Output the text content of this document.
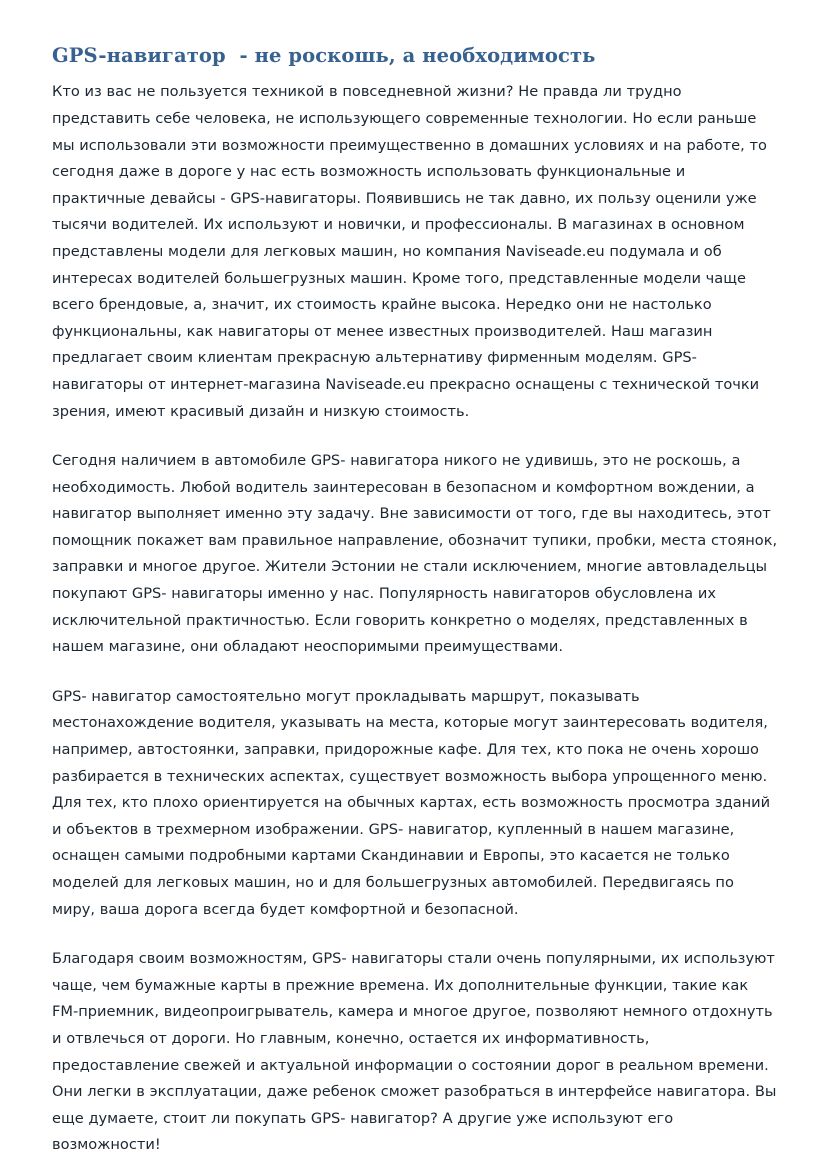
GPS-навигатор  - не роскошь, а необходимость

Кто из вас не пользуется техникой в повседневной жизни? Не правда ли трудно представить себе человека, не использующего современные технологии. Но если раньше мы использовали эти возможности преимущественно в домашних условиях и на работе, то сегодня даже в дороге у нас есть возможность использовать функциональные и практичные девайсы - GPS-навигаторы. Появившись не так давно, их пользу оценили уже тысячи водителей. Их используют и новички, и профессионалы. В магазинах в основном представлены модели для легковых машин, но компания Naviseade.eu подумала и об интересах водителей большегрузных машин. Кроме того, представленные модели чаще всего брендовые, а, значит, их стоимость крайне высока. Нередко они не настолько функциональны, как навигаторы от менее известных производителей. Наш магазин предлагает своим клиентам прекрасную альтернативу фирменным моделям. GPS-навигаторы от интернет-магазина Naviseade.eu прекрасно оснащены с технической точки зрения, имеют красивый дизайн и низкую стоимость.

Сегодня наличием в автомобиле GPS- навигатора никого не удивишь, это не роскошь, а необходимость. Любой водитель заинтересован в безопасном и комфортном вождении, а навигатор выполняет именно эту задачу. Вне зависимости от того, где вы находитесь, этот помощник покажет вам правильное направление, обозначит тупики, пробки, места стоянок, заправки и многое другое. Жители Эстонии не стали исключением, многие автовладельцы покупают GPS- навигаторы именно у нас. Популярность навигаторов обусловлена их исключительной практичностью. Если говорить конкретно о моделях, представленных в нашем магазине, они обладают неоспоримыми преимуществами.

GPS- навигатор самостоятельно могут прокладывать маршрут, показывать местонахождение водителя, указывать на места, которые могут заинтересовать водителя, например, автостоянки, заправки, придорожные кафе. Для тех, кто пока не очень хорошо разбирается в технических аспектах, существует возможность выбора упрощенного меню. Для тех, кто плохо ориентируется на обычных картах, есть возможность просмотра зданий и объектов в трехмерном изображении. GPS- навигатор, купленный в нашем магазине, оснащен самыми подробными картами Скандинавии и Европы, это касается не только моделей для легковых машин, но и для большегрузных автомобилей. Передвигаясь по миру, ваша дорога всегда будет комфортной и безопасной.

Благодаря своим возможностям, GPS- навигаторы стали очень популярными, их используют чаще, чем бумажные карты в прежние времена. Их дополнительные функции, такие как FM-приемник, видеопроигрыватель, камера и многое другое, позволяют немного отдохнуть и отвлечься от дороги. Но главным, конечно, остается их информативность, предоставление свежей и актуальной информации о состоянии дорог в реальном времени. Они легки в эксплуатации, даже ребенок сможет разобраться в интерфейсе навигатора. Вы еще думаете, стоит ли покупать GPS- навигатор? А другие уже используют его возможности!
